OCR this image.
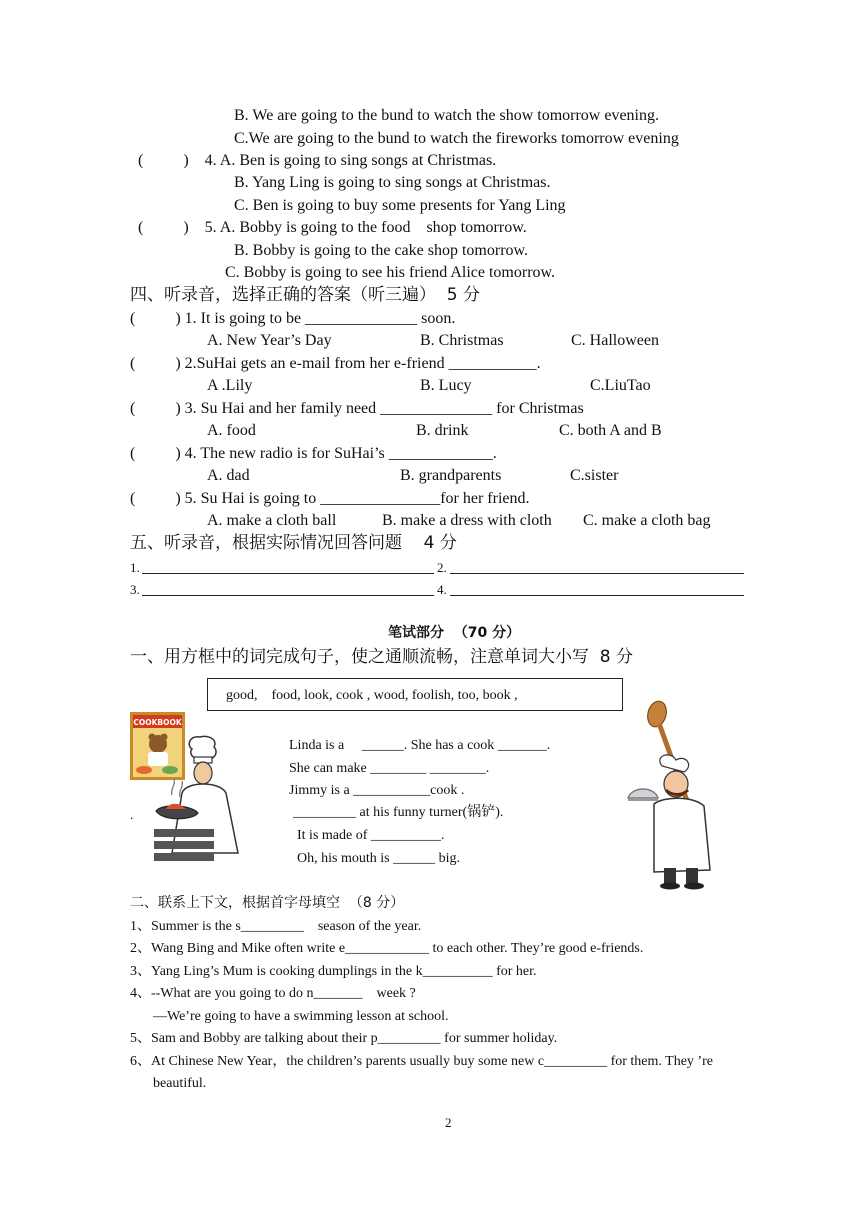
B. We are going to the bund to watch the show tomorrow evening.
C.We are going to the bund to watch the fireworks tomorrow evening
(          )    4. A. Ben is going to sing songs at Christmas.
B. Yang Ling is going to sing songs at Christmas.
C. Ben is going to buy some presents for Yang Ling
(          )    5. A. Bobby is going to the food    shop tomorrow.
B. Bobby is going to the cake shop tomorrow.
C. Bobby is going to see his friend Alice tomorrow.
四、听录音，选择正确的答案（听三遍）  5 分
(          ) 1. It is going to be ______________ soon.
A. New Year’s Day	B. Christmas	C. Halloween
(          ) 2.SuHai gets an e-mail from her e-friend ___________.
A .Lily	B. Lucy	C.LiuTao
(          ) 3. Su Hai and her family need ______________ for Christmas
A. food	B. drink	C. both A and B
(          ) 4. The new radio is for SuHai’s _____________.
A. dad	B. grandparents	C.sister
(          ) 5. Su Hai is going to _______________for her friend.
A. make a cloth ball	B. make a dress with cloth C. make a cloth bag
五、听录音，根据实际情况回答问题    4 分
1.	2.
3.	4.
笔试部分  （70 分）
一、用方框中的词完成句子，使之通顺流畅，注意单词大小写  8 分
good,    food, look, cook , wood, foolish, too, book ,
COOKBOOK
.
Linda is a     ______. She has a cook _______.
She can make ________ ________.
Jimmy is a ___________cook .
_________ at his funny turner(锅铲).
It is made of __________.
Oh, his mouth is ______ big.
二、联系上下文，根据首字母填空  （8 分）
1、Summer is the s_________    season of the year.
2、Wang Bing and Mike often write e____________ to each other. They’re good e-friends.
3、Yang Ling’s Mum is cooking dumplings in the k__________ for her.
4、--What are you going to do n_______    week ?
—We’re going to have a swimming lesson at school.
5、Sam and Bobby are talking about their p_________ for summer holiday.
6、At Chinese New Year，the children’s parents usually buy some new c_________ for them. They ’re
beautiful.
2
